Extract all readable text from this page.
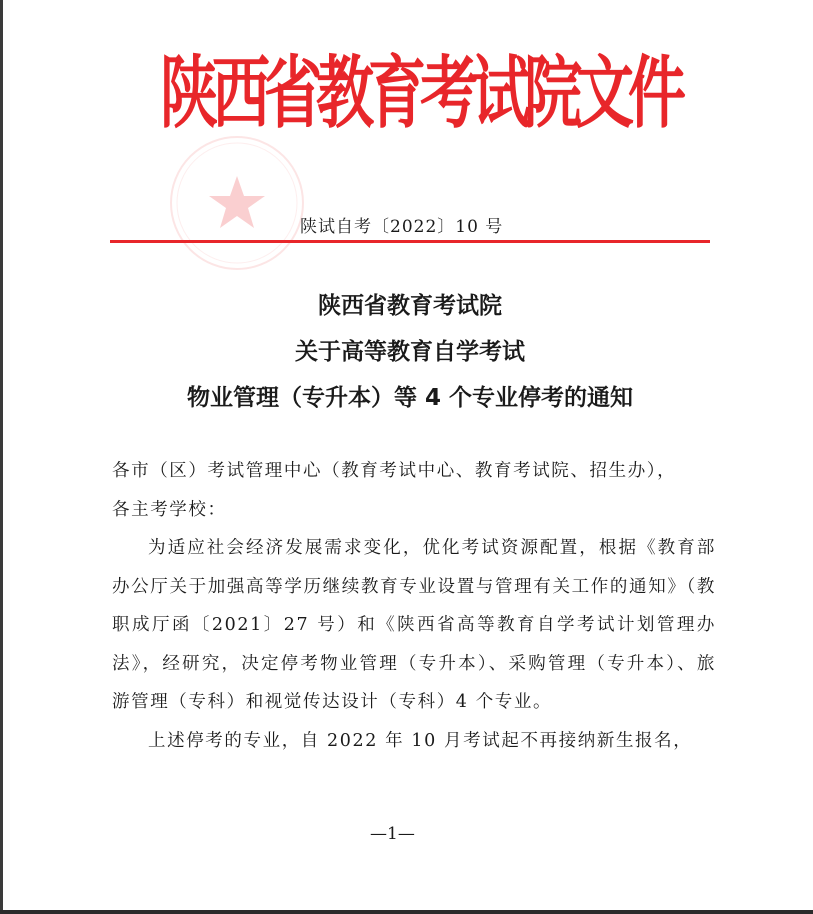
陕西省教育考试院文件
陕试自考〔2022〕10 号
陕西省教育考试院
关于高等教育自学考试
物业管理（专升本）等 4 个专业停考的通知

各市（区）考试管理中心（教育考试中心、教育考试院、招生办），

各主考学校：

为适应社会经济发展需求变化，优化考试资源配置，根据《教育部办公厅关于加强高等学历继续教育专业设置与管理有关工作的通知》（教职成厅函〔2021〕27 号）和《陕西省高等教育自学考试计划管理办法》，经研究，决定停考物业管理（专升本）、采购管理（专升本）、旅游管理（专科）和视觉传达设计（专科）4 个专业。

上述停考的专业，自 2022 年 10 月考试起不再接纳新生报名，

—1—
